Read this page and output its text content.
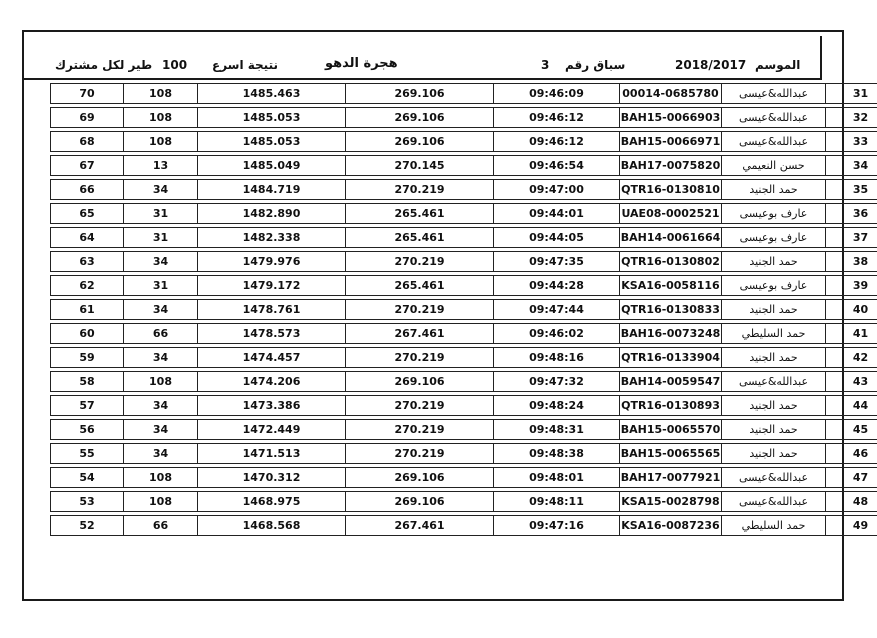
الموسم
2018/2017
سباق رقم
3
هجرة الدهو
نتيجة اسرع
100
طير لكل مشترك
70	108	1485.463	269.106	09:46:09	00014-0685780	عبدالله&عيسى	31
69	108	1485.053	269.106	09:46:12	BAH15-0066903	عبدالله&عيسى	32
68	108	1485.053	269.106	09:46:12	BAH15-0066971	عبدالله&عيسى	33
67	13	1485.049	270.145	09:46:54	BAH17-0075820	حسن النعيمي	34
66	34	1484.719	270.219	09:47:00	QTR16-0130810	حمد الجنيد	35
65	31	1482.890	265.461	09:44:01	UAE08-0002521	عارف بوعيسى	36
64	31	1482.338	265.461	09:44:05	BAH14-0061664	عارف بوعيسى	37
63	34	1479.976	270.219	09:47:35	QTR16-0130802	حمد الجنيد	38
62	31	1479.172	265.461	09:44:28	KSA16-0058116	عارف بوعيسى	39
61	34	1478.761	270.219	09:47:44	QTR16-0130833	حمد الجنيد	40
60	66	1478.573	267.461	09:46:02	BAH16-0073248	حمد السليطي	41
59	34	1474.457	270.219	09:48:16	QTR16-0133904	حمد الجنيد	42
58	108	1474.206	269.106	09:47:32	BAH14-0059547	عبدالله&عيسى	43
57	34	1473.386	270.219	09:48:24	QTR16-0130893	حمد الجنيد	44
56	34	1472.449	270.219	09:48:31	BAH15-0065570	حمد الجنيد	45
55	34	1471.513	270.219	09:48:38	BAH15-0065565	حمد الجنيد	46
54	108	1470.312	269.106	09:48:01	BAH17-0077921	عبدالله&عيسى	47
53	108	1468.975	269.106	09:48:11	KSA15-0028798	عبدالله&عيسى	48
52	66	1468.568	267.461	09:47:16	KSA16-0087236	حمد السليطي	49
